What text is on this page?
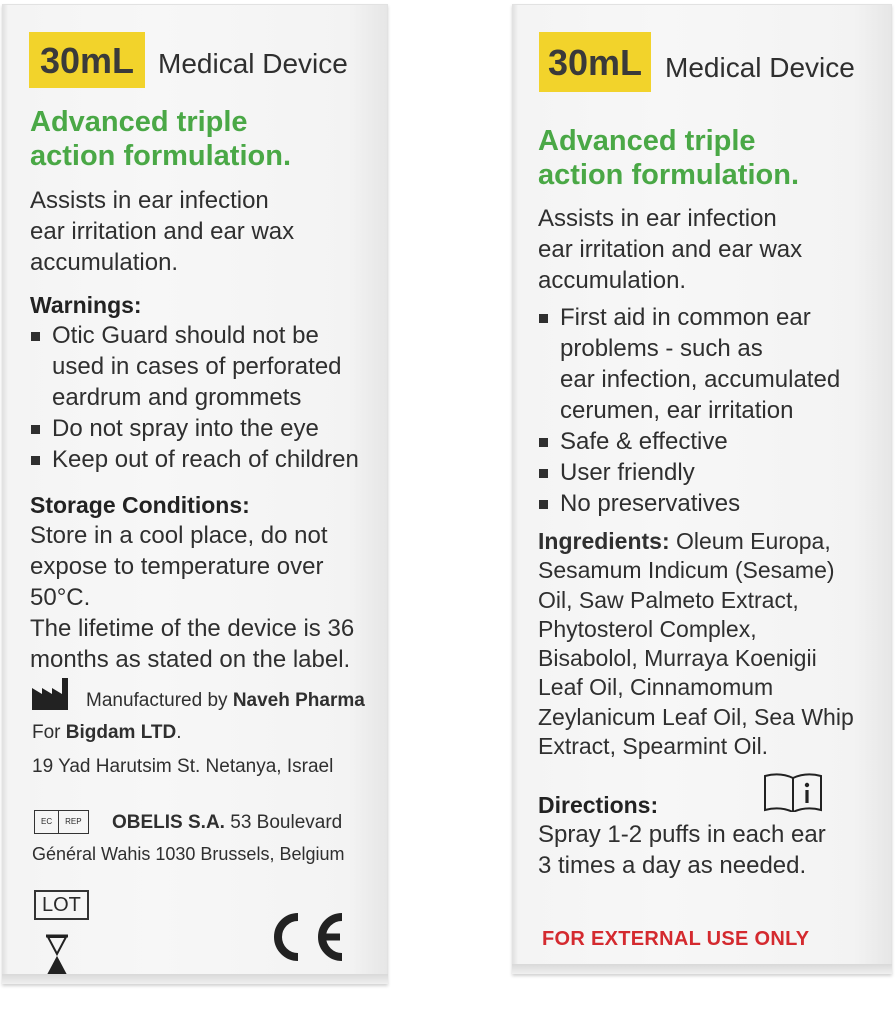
30mL Medical Device
Advanced triple
action formulation.
Assists in ear infection
ear irritation and ear wax
accumulation.
Warnings:
Otic Guard should not be
used in cases of perforated
eardrum and grommets
Do not spray into the eye
Keep out of reach of children
Storage Conditions:
Store in a cool place, do not
expose to temperature over 50°C.
The lifetime of the device is 36
months as stated on the label.
Manufactured by Naveh Pharma
For Bigdam LTD.
19 Yad Harutsim St. Netanya, Israel
EC	REP	OBELIS S.A. 53 Boulevard
Général Wahis 1030 Brussels, Belgium
LOT
30mL Medical Device
Advanced triple
action formulation.
Assists in ear infection
ear irritation and ear wax
accumulation.
First aid in common ear
problems - such as
ear infection, accumulated
cerumen, ear irritation
Safe & effective
User friendly
No preservatives
Ingredients: Oleum Europa,
Sesamum Indicum (Sesame)
Oil, Saw Palmeto Extract,
Phytosterol Complex,
Bisabolol, Murraya Koenigii
Leaf Oil, Cinnamomum
Zeylanicum Leaf Oil, Sea Whip
Extract, Spearmint Oil.
Directions:
Spray 1-2 puffs in each ear
3 times a day as needed.
FOR EXTERNAL USE ONLY
